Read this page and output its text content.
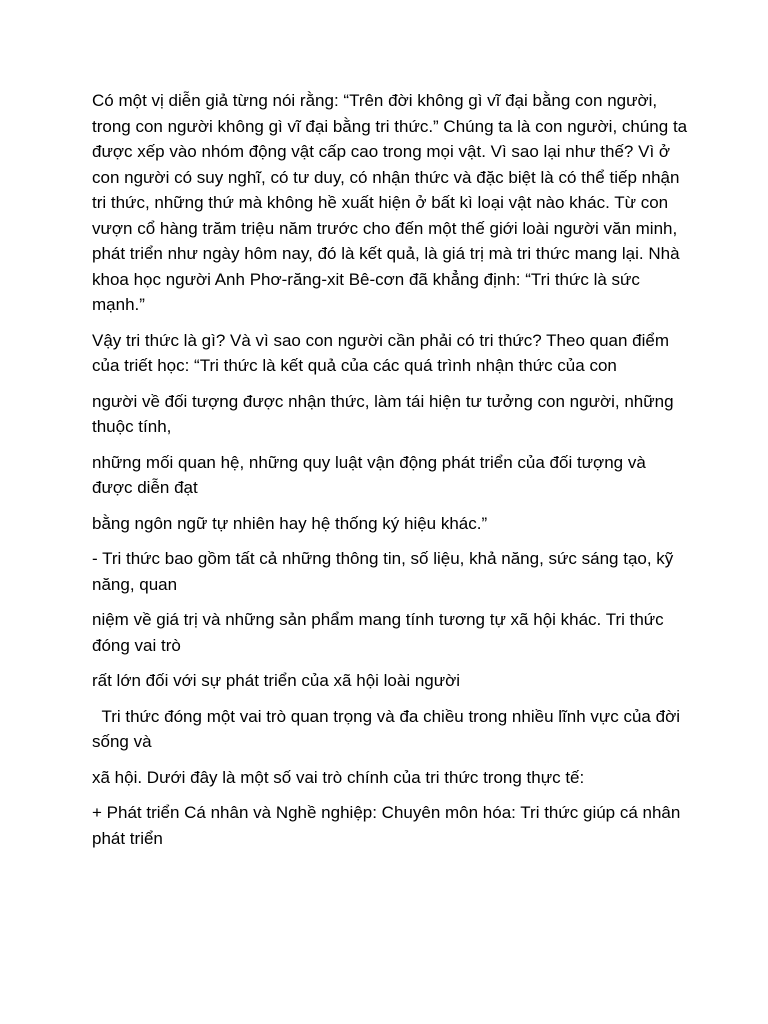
Có một vị diễn giả từng nói rằng: “Trên đời không gì vĩ đại bằng con người, trong con người không gì vĩ đại bằng tri thức.” Chúng ta là con người, chúng ta được xếp vào nhóm động vật cấp cao trong mọi vật. Vì sao lại như thế? Vì ở con người có suy nghĩ, có tư duy, có nhận thức và đặc biệt là có thể tiếp nhận tri thức, những thứ mà không hề xuất hiện ở bất kì loại vật nào khác. Từ con vượn cổ hàng trăm triệu năm trước cho đến một thế giới loài người văn minh, phát triển như ngày hôm nay, đó là kết quả, là giá trị mà tri thức mang lại. Nhà khoa học người Anh Phơ-răng-xit Bê-cơn đã khẳng định: “Tri thức là sức mạnh.”

Vậy tri thức là gì? Và vì sao con người cần phải có tri thức? Theo quan điểm của triết học: “Tri thức là kết quả của các quá trình nhận thức của con

người về đối tượng được nhận thức, làm tái hiện tư tưởng con người, những thuộc tính,

những mối quan hệ, những quy luật vận động phát triển của đối tượng và được diễn đạt

bằng ngôn ngữ tự nhiên hay hệ thống ký hiệu khác.”

- Tri thức bao gồm tất cả những thông tin, số liệu, khả năng, sức sáng tạo, kỹ năng, quan

niệm về giá trị và những sản phẩm mang tính tương tự xã hội khác. Tri thức đóng vai trò

rất lớn đối với sự phát triển của xã hội loài người

Tri thức đóng một vai trò quan trọng và đa chiều trong nhiều lĩnh vực của đời sống và

xã hội. Dưới đây là một số vai trò chính của tri thức trong thực tế:

+ Phát triển Cá nhân và Nghề nghiệp: Chuyên môn hóa: Tri thức giúp cá nhân phát triển
